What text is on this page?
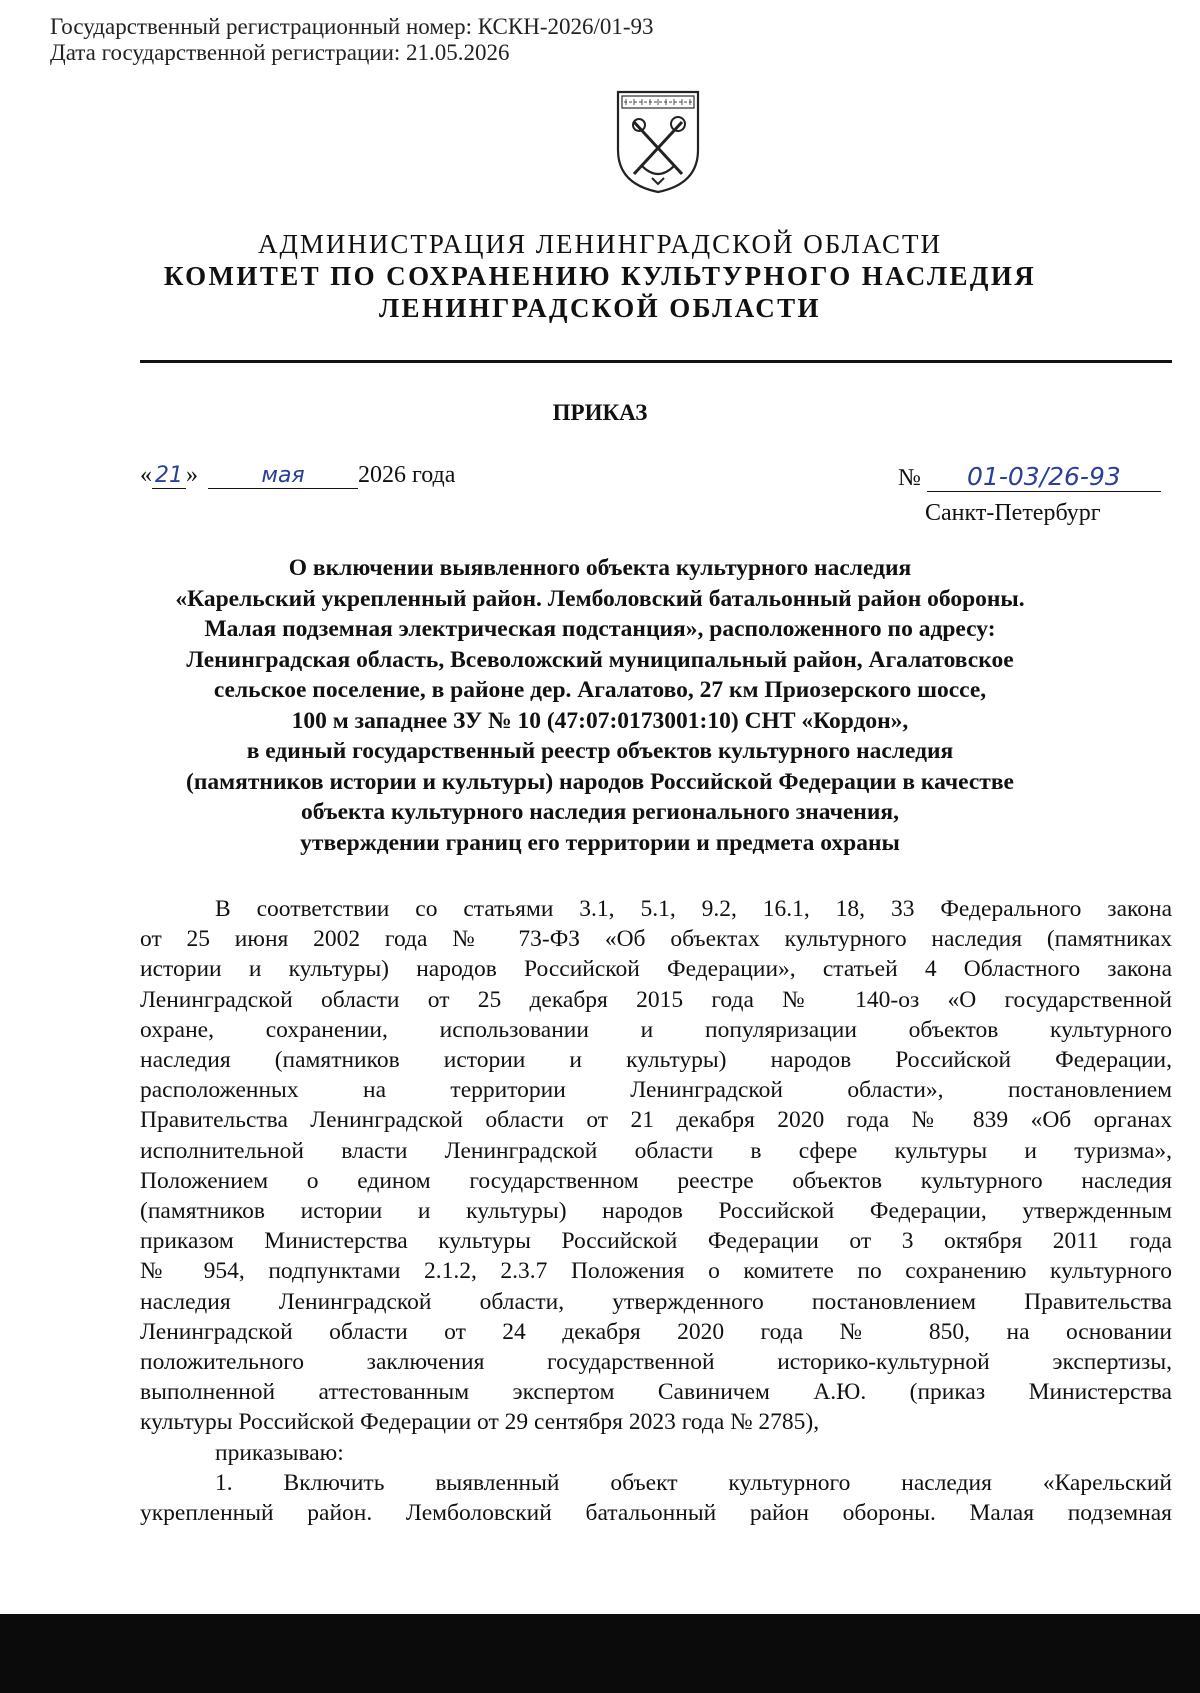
Государственный регистрационный номер: КСКН-2026/01-93
Дата государственной регистрации: 21.05.2026
АДМИНИСТРАЦИЯ ЛЕНИНГРАДСКОЙ ОБЛАСТИ
КОМИТЕТ ПО СОХРАНЕНИЮ КУЛЬТУРНОГО НАСЛЕДИЯ
ЛЕНИНГРАДСКОЙ ОБЛАСТИ
ПРИКАЗ
« 21 »	мая 2026 года	№ 01-03/26-93
Санкт-Петербург
О включении выявленного объекта культурного наследия
«Карельский укрепленный район. Лемболовский батальонный район обороны.
Малая подземная электрическая подстанция», расположенного по адресу:
Ленинградская область, Всеволожский муниципальный район, Агалатовское
сельское поселение, в районе дер. Агалатово, 27 км Приозерского шоссе,
100 м западнее ЗУ № 10 (47:07:0173001:10) СНТ «Кордон»,
в единый государственный реестр объектов культурного наследия
(памятников истории и культуры) народов Российской Федерации в качестве
объекта культурного наследия регионального значения,
утверждении границ его территории и предмета охраны
В соответствии со статьями 3.1, 5.1, 9.2, 16.1, 18, 33 Федерального закона
от 25 июня 2002 года № 73-ФЗ «Об объектах культурного наследия (памятниках
истории и культуры) народов Российской Федерации», статьей 4 Областного закона
Ленинградской области от 25 декабря 2015 года № 140-оз «О государственной
охране, сохранении, использовании и популяризации объектов культурного
наследия (памятников истории и культуры) народов Российской Федерации,
расположенных на территории Ленинградской области», постановлением
Правительства Ленинградской области от 21 декабря 2020 года № 839 «Об органах
исполнительной власти Ленинградской области в сфере культуры и туризма»,
Положением о едином государственном реестре объектов культурного наследия
(памятников истории и культуры) народов Российской Федерации, утвержденным
приказом Министерства культуры Российской Федерации от 3 октября 2011 года
№ 954, подпунктами 2.1.2, 2.3.7 Положения о комитете по сохранению культурного
наследия Ленинградской области, утвержденного постановлением Правительства
Ленинградской области от 24 декабря 2020 года № 850, на основании
положительного заключения государственной историко-культурной экспертизы,
выполненной аттестованным экспертом Савиничем А.Ю. (приказ Министерства
культуры Российской Федерации от 29 сентября 2023 года № 2785),
приказываю:
1. Включить выявленный объект культурного наследия «Карельский
укрепленный район. Лемболовский батальонный район обороны. Малая подземная
